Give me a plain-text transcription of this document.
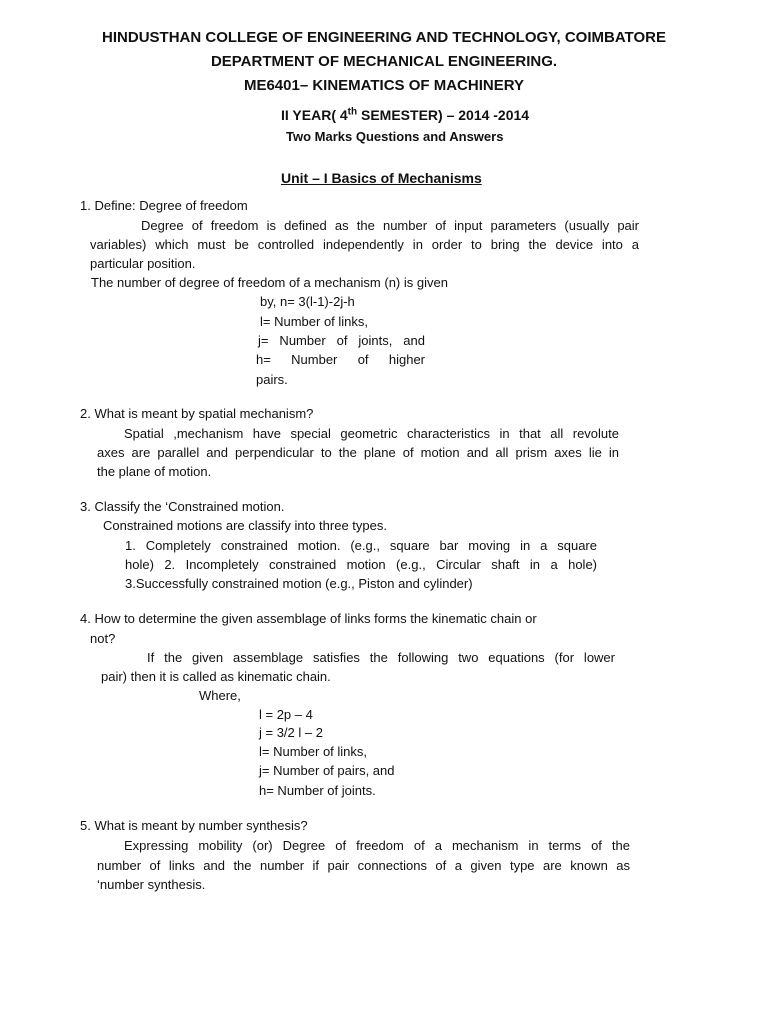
HINDUSTHAN COLLEGE OF ENGINEERING AND TECHNOLOGY, COIMBATORE
DEPARTMENT OF MECHANICAL ENGINEERING.
ME6401– KINEMATICS OF MACHINERY
II YEAR( 4th SEMESTER) – 2014 -2014
Two Marks Questions and Answers
Unit – I Basics of Mechanisms
1. Define: Degree of freedom
Degree of freedom is defined as the number of input parameters (usually pair
variables) which must be controlled independently in order to bring the device into a
particular position.
The number of degree of freedom of a mechanism (n) is given
by, n= 3(l-1)-2j-h
l= Number of links,
j= Number of joints, and
h= Number of higher
pairs.
2. What is meant by spatial mechanism?
Spatial ,mechanism have special geometric characteristics in that all revolute
axes are parallel and perpendicular to the plane of motion and all prism axes lie in
the plane of motion.
3. Classify the ‘Constrained motion.
Constrained motions are classify into three types.
1. Completely constrained motion. (e.g., square bar moving in a square
hole) 2. Incompletely constrained motion (e.g., Circular shaft in a hole)
3.Successfully constrained motion (e.g., Piston and cylinder)
4. How to determine the given assemblage of links forms the kinematic chain or
not?
If the given assemblage satisfies the following two equations (for lower
pair) then it is called as kinematic chain.
Where,
l = 2p – 4
j = 3/2 l – 2
l= Number of links,
j= Number of pairs, and
h= Number of joints.
5. What is meant by number synthesis?
Expressing mobility (or) Degree of freedom of a mechanism in terms of the
number of links and the number if pair connections of a given type are known as
‘number synthesis.
